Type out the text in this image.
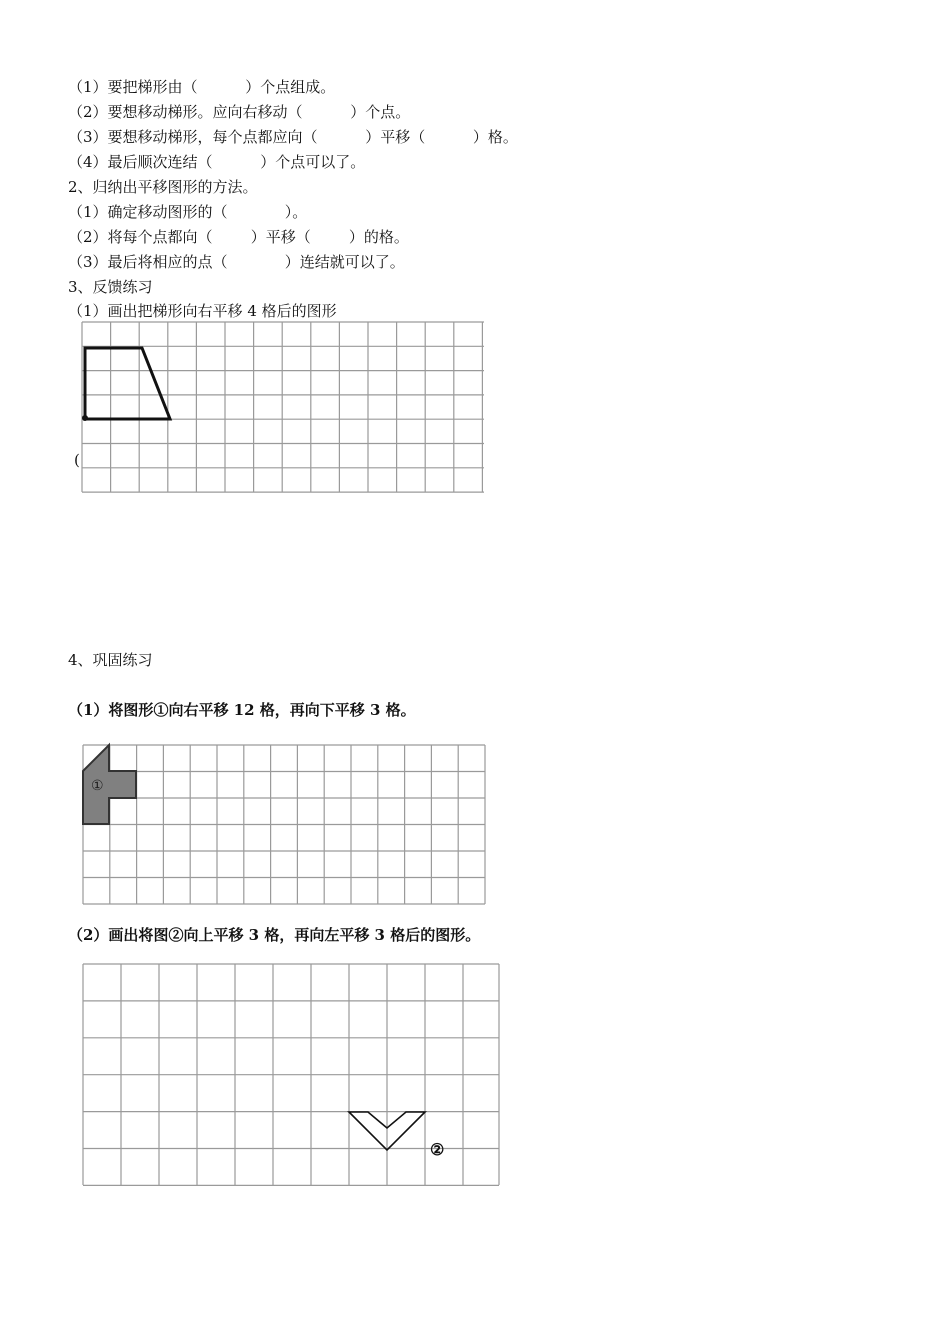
（1）要把梯形由（          ）个点组成。
（2）要想移动梯形。应向右移动（          ）个点。
（3）要想移动梯形，每个点都应向（          ）平移（          ）格。
（4）最后顺次连结（          ）个点可以了。
2、归纳出平移图形的方法。
（1）确定移动图形的（            ）。
（2）将每个点都向（        ）平移（        ）的格。
（3）最后将相应的点（            ）连结就可以了。
3、反馈练习
（1）画出把梯形向右平移 4 格后的图形
(
4、巩固练习
（1）将图形①向右平移 12 格，再向下平移 3 格。
①
（2）画出将图②向上平移 3 格，再向左平移 3 格后的图形。
②
